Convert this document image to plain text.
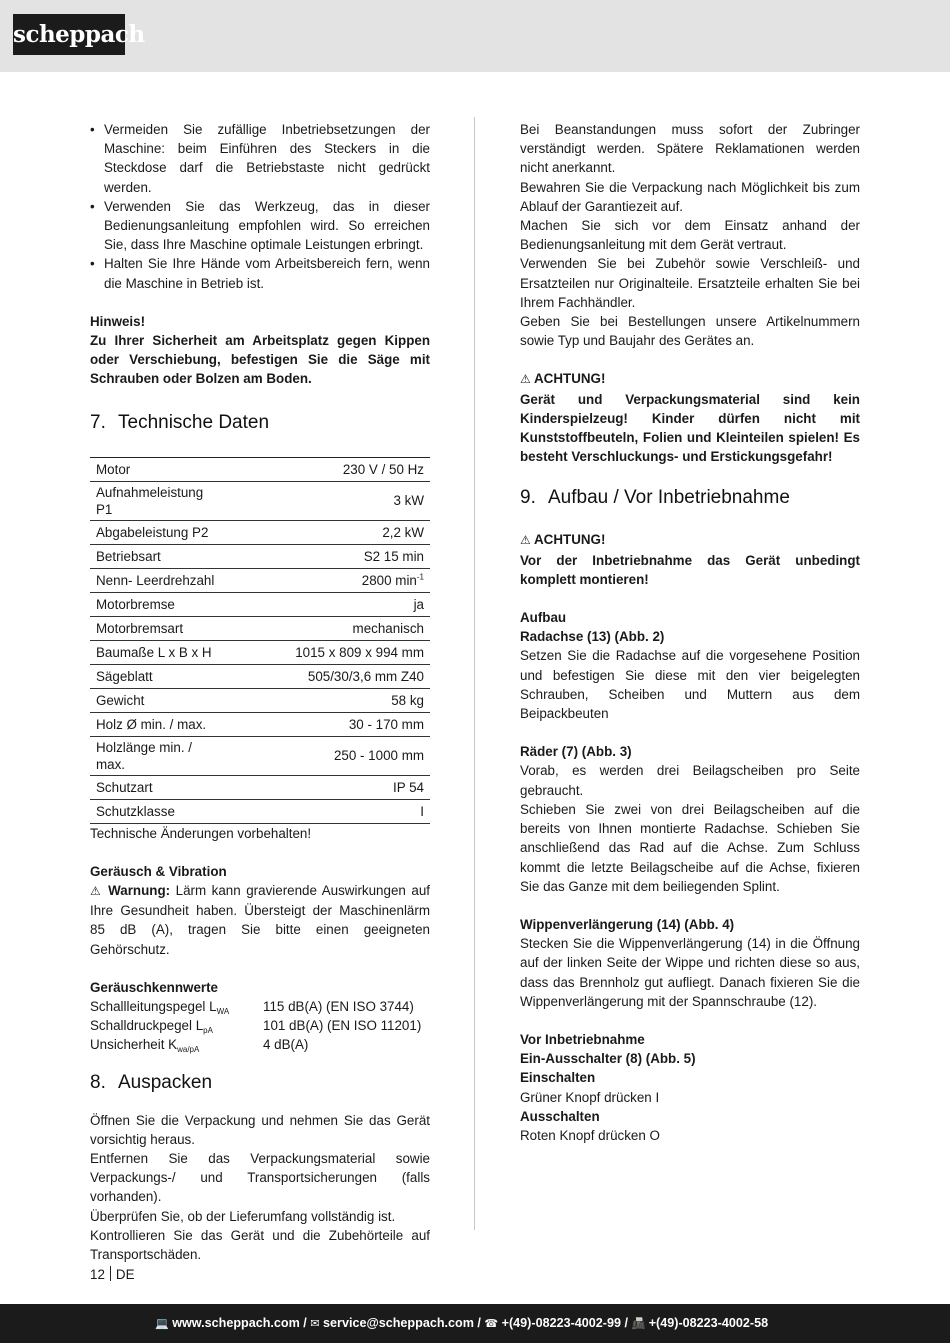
scheppach
• Vermeiden Sie zufällige Inbetriebsetzungen der Maschine: beim Einführen des Steckers in die Steckdose darf die Betriebstaste nicht gedrückt werden.
• Verwenden Sie das Werkzeug, das in dieser Bedienungsanleitung empfohlen wird. So erreichen Sie, dass Ihre Maschine optimale Leistungen erbringt.
• Halten Sie Ihre Hände vom Arbeitsbereich fern, wenn die Maschine in Betrieb ist.

Hinweis!

Zu Ihrer Sicherheit am Arbeitsplatz gegen Kippen oder Verschiebung, befestigen Sie die Säge mit Schrauben oder Bolzen am Boden.

7. Technische Daten
Motor	230 V / 50 Hz
Aufnahmeleistung P1	3 kW
Abgabeleistung P2	2,2 kW
Betriebsart	S2 15 min
Nenn- Leerdrehzahl	2800 $\min^{-1}$
Motorbremse	ja
Motorbremsart	mechanisch
Baumaße L x B x H	1015 x 809 x 994 mm
Sägeblatt	505/30/3,6 mm Z40
Gewicht	58 kg
Holz Ø min. / max.	30 - 170 mm
Holzlänge min. / max.	250 - 1000 mm
Schutzart	IP 54
Schutzklasse	I

Technische Änderungen vorbehalten!

Geräusch & Vibration

⚠ Warnung: Lärm kann gravierende Auswirkungen auf Ihre Gesundheit haben. Übersteigt der Maschinenlärm 85 dB (A), tragen Sie bitte einen geeigneten Gehörschutz.

Geräuschkennwerte

Schallleitungspegel $L_{WA}$	115 dB(A) (EN ISO 3744)
Schalldruckpegel $L_{pA}$	101 dB(A) (EN ISO 11201)
Unsicherheit $K_{wa/pA}$	4 dB(A)
8. Auspacken

Öffnen Sie die Verpackung und nehmen Sie das Gerät vorsichtig heraus.
Entfernen Sie das Verpackungsmaterial sowie Verpackungs-/ und Transportsicherungen (falls vorhanden).
Überprüfen Sie, ob der Lieferumfang vollständig ist.
Kontrollieren Sie das Gerät und die Zubehörteile auf Transportschäden.

Bei Beanstandungen muss sofort der Zubringer verständigt werden. Spätere Reklamationen werden nicht anerkannt.
Bewahren Sie die Verpackung nach Möglichkeit bis zum Ablauf der Garantiezeit auf.
Machen Sie sich vor dem Einsatz anhand der Bedienungsanleitung mit dem Gerät vertraut.
Verwenden Sie bei Zubehör sowie Verschleiß- und Ersatzteilen nur Originalteile. Ersatzteile erhalten Sie bei Ihrem Fachhändler.
Geben Sie bei Bestellungen unsere Artikelnummern sowie Typ und Baujahr des Gerätes an.

⚠ ACHTUNG!

Gerät und Verpackungsmaterial sind kein Kinderspielzeug! Kinder dürfen nicht mit Kunststoffbeuteln, Folien und Kleinteilen spielen! Es besteht Verschluckungs- und Erstickungsgefahr!

9. Aufbau / Vor Inbetriebnahme

⚠ ACHTUNG!

Vor der Inbetriebnahme das Gerät unbedingt komplett montieren!

Aufbau

Radachse (13) (Abb. 2)

Setzen Sie die Radachse auf die vorgesehene Position und befestigen Sie diese mit den vier beigelegten Schrauben, Scheiben und Muttern aus dem Beipackbeuten

Räder (7) (Abb. 3)

Vorab, es werden drei Beilagscheiben pro Seite gebraucht.
Schieben Sie zwei von drei Beilagscheiben auf die bereits von Ihnen montierte Radachse. Schieben Sie anschließend das Rad auf die Achse. Zum Schluss kommt die letzte Beilagscheibe auf die Achse, fixieren Sie das Ganze mit dem beiliegenden Splint.

Wippenverlängerung (14) (Abb. 4)

Stecken Sie die Wippenverlängerung (14) in die Öffnung auf der linken Seite der Wippe und richten diese so aus, dass das Brennholz gut aufliegt. Danach fixieren Sie die Wippenverlängerung mit der Spannschraube (12).

Vor Inbetriebnahme

Ein-Ausschalter (8) (Abb. 5)

Einschalten

Grüner Knopf drücken I

Ausschalten

Roten Knopf drücken O

12 DE
💻 www.scheppach.com / ✉ service@scheppach.com / ☎ +(49)-08223-4002-99 / 📠 +(49)-08223-4002-58
